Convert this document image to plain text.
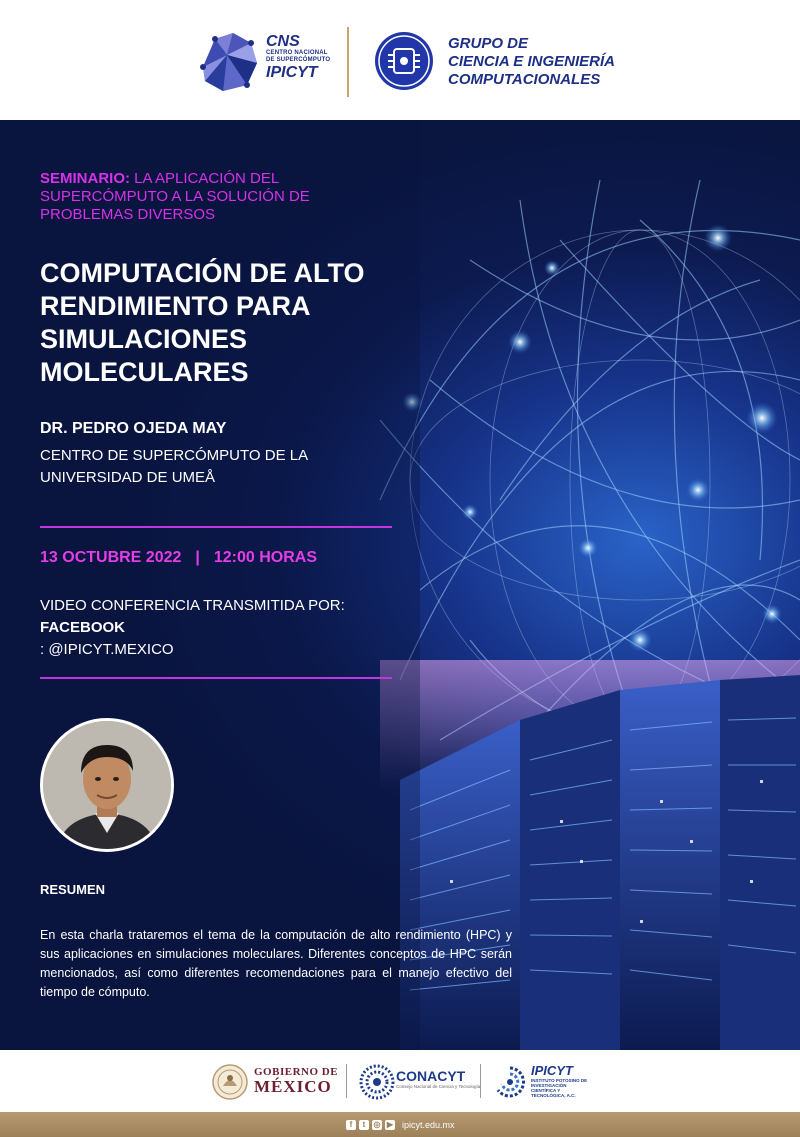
CNS
CENTRO NACIONAL
DE SUPERCÓMPUTO
IPICYT
GRUPO DE
CIENCIA E INGENIERÍA
COMPUTACIONALES
SEMINARIO: LA APLICACIÓN DEL SUPERCÓMPUTO A LA SOLUCIÓN DE PROBLEMAS DIVERSOS
COMPUTACIÓN DE ALTO
RENDIMIENTO PARA
SIMULACIONES
MOLECULARES
DR. PEDRO OJEDA MAY
CENTRO DE SUPERCÓMPUTO DE LA
UNIVERSIDAD DE UMEÅ
13 OCTUBRE 2022 | 12:00 HORAS
VIDEO CONFERENCIA TRANSMITIDA POR:
FACEBOOK
: @IPICYT.MEXICO
RESUMEN
En esta charla trataremos el tema de la computación de alto rendimiento (HPC) y sus aplicaciones en simulaciones moleculares. Diferentes conceptos de HPC serán mencionados, así como diferentes recomendaciones para el manejo efectivo del tiempo de cómputo.
GOBIERNO DE
MÉXICO
CONACYT
Consejo Nacional de Ciencia y Tecnología
IPICYT
INSTITUTO POTOSINO DE INVESTIGACIÓN CIENTÍFICA Y TECNOLÓGICA, A.C.
f	t	◎ ▶ ipicyt.edu.mx
